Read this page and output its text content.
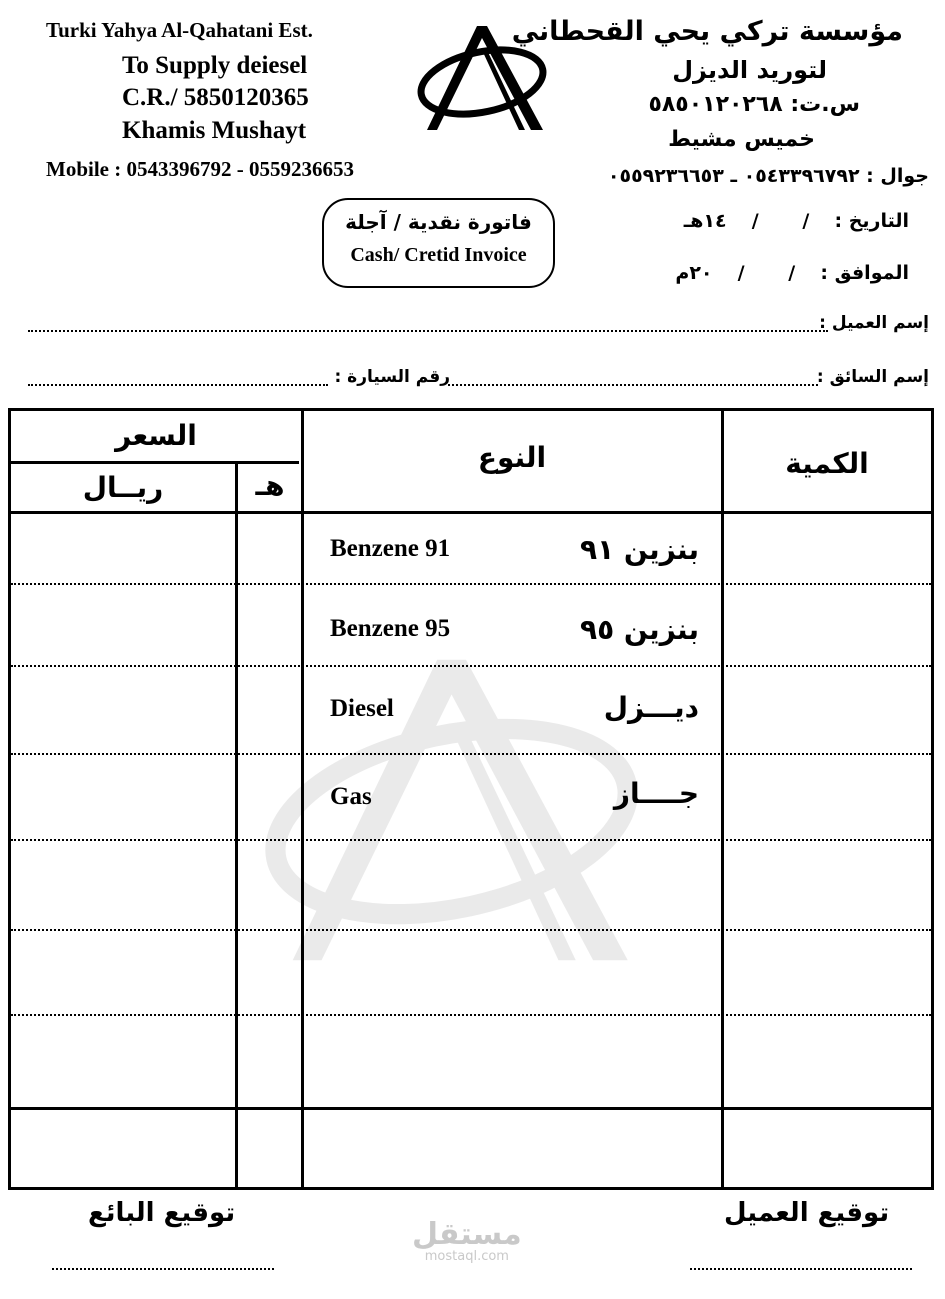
Turki Yahya Al-Qahatani Est.
To Supply deiesel
C.R./ 5850120365
Khamis Mushayt
Mobile : 0543396792 - 0559236653
مؤسسة تركي يحي القحطاني
لتوريد الديزل
س.ت: ٥٨٥٠١٢٠٢٦٨
خميس مشيط
جوال : ٠٥٤٣٣٩٦٧٩٢ ـ ٠٥٥٩٢٣٦٦٥٣
فاتورة نقدية / آجلة
Cash/ Cretid Invoice
التاريخ : / / ١٤هـ
الموافق : / / ٢٠م
إسم العميل :
إسم السائق :
رقم السيارة :
السعر
ريــال	هـ
النوع	الكمية
Benzene 91	بنزين ٩١
Benzene 95	بنزين ٩٥
Diesel	ديـــزل
Gas	جــــاز
توقيع البائع	توقيع العميل
مستقل
mostaql.com
